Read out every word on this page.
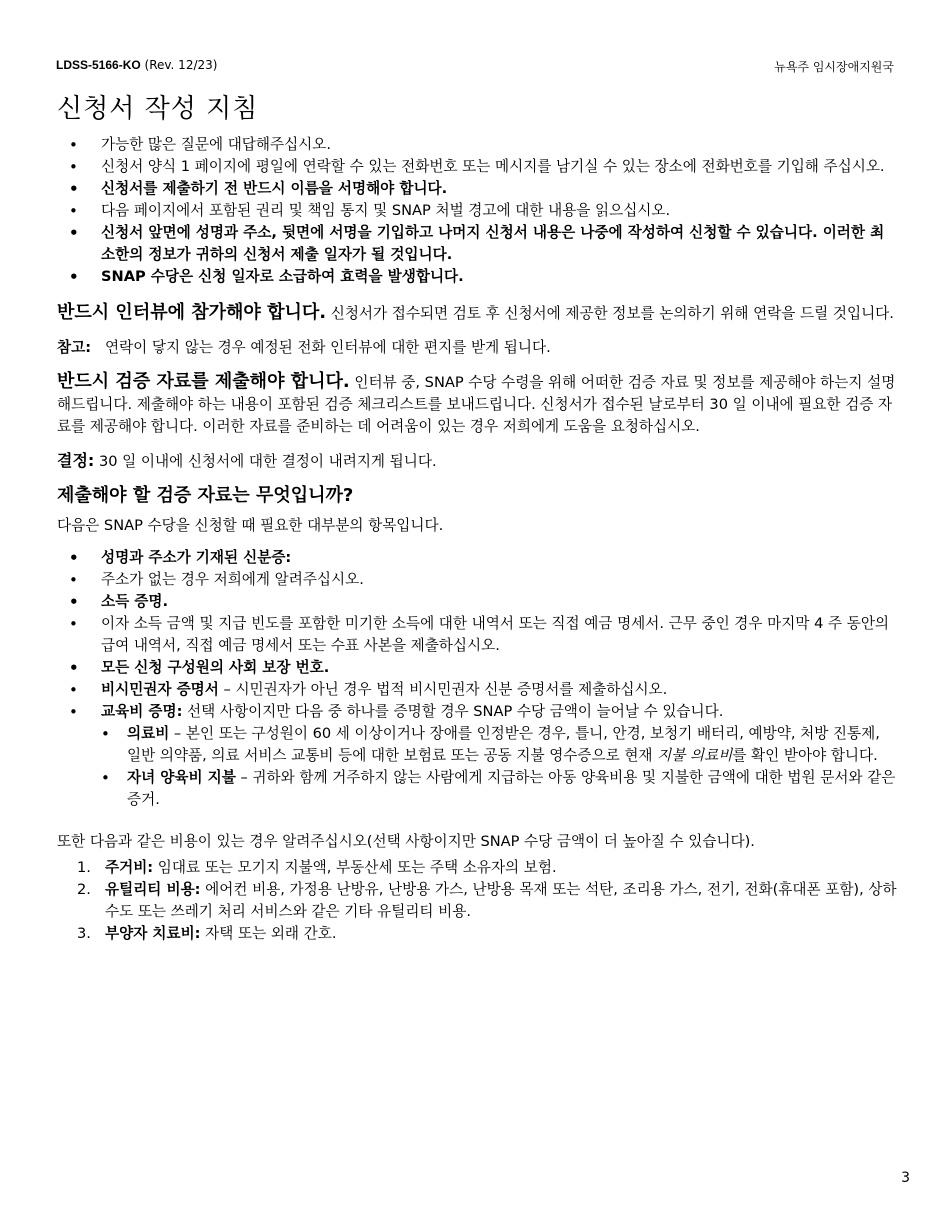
LDSS-5166-KO (Rev. 12/23)	뉴욕주 임시장애지원국
신청서 작성 지침
• 가능한 많은 질문에 대답해주십시오.
• 신청서 양식 1 페이지에 평일에 연락할 수 있는 전화번호 또는 메시지를 남기실 수 있는 장소에 전화번호를 기입해 주십시오.
• 신청서를 제출하기 전 반드시 이름을 서명해야 합니다.
• 다음 페이지에서 포함된 권리 및 책임 통지 및 SNAP 처벌 경고에 대한 내용을 읽으십시오.
• 신청서 앞면에 성명과 주소, 뒷면에 서명을 기입하고 나머지 신청서 내용은 나중에 작성하여 신청할 수 있습니다. 이러한 최소한의 정보가 귀하의 신청서 제출 일자가 될 것입니다.
• SNAP 수당은 신청 일자로 소급하여 효력을 발생합니다.

반드시 인터뷰에 참가해야 합니다. 신청서가 접수되면 검토 후 신청서에 제공한 정보를 논의하기 위해 연락을 드릴 것입니다.

참고: 연락이 닿지 않는 경우 예정된 전화 인터뷰에 대한 편지를 받게 됩니다.

반드시 검증 자료를 제출해야 합니다. 인터뷰 중, SNAP 수당 수령을 위해 어떠한 검증 자료 및 정보를 제공해야 하는지 설명해드립니다. 제출해야 하는 내용이 포함된 검증 체크리스트를 보내드립니다. 신청서가 접수된 날로부터 30 일 이내에 필요한 검증 자료를 제공해야 합니다. 이러한 자료를 준비하는 데 어려움이 있는 경우 저희에게 도움을 요청하십시오.

결정: 30 일 이내에 신청서에 대한 결정이 내려지게 됩니다.

제출해야 할 검증 자료는 무엇입니까?

다음은 SNAP 수당을 신청할 때 필요한 대부분의 항목입니다.

• 성명과 주소가 기재된 신분증:
• 주소가 없는 경우 저희에게 알려주십시오.
• 소득 증명.
• 이자 소득 금액 및 지급 빈도를 포함한 미기한 소득에 대한 내역서 또는 직접 예금 명세서. 근무 중인 경우 마지막 4 주 동안의 급여 내역서, 직접 예금 명세서 또는 수표 사본을 제출하십시오.
• 모든 신청 구성원의 사회 보장 번호.
• 비시민권자 증명서 – 시민권자가 아닌 경우 법적 비시민권자 신분 증명서를 제출하십시오.
• 교육비 증명: 선택 사항이지만 다음 중 하나를 증명할 경우 SNAP 수당 금액이 늘어날 수 있습니다.
• 의료비 – 본인 또는 구성원이 60 세 이상이거나 장애를 인정받은 경우, 틀니, 안경, 보청기 배터리, 예방약, 처방 진통제, 일반 의약품, 의료 서비스 교통비 등에 대한 보험료 또는 공동 지불 영수증으로 현재 지불 의료비를 확인 받아야 합니다.
• 자녀 양육비 지불 – 귀하와 함께 거주하지 않는 사람에게 지급하는 아동 양육비용 및 지불한 금액에 대한 법원 문서와 같은 증거.

또한 다음과 같은 비용이 있는 경우 알려주십시오(선택 사항이지만 SNAP 수당 금액이 더 높아질 수 있습니다).

1. 주거비: 임대료 또는 모기지 지불액, 부동산세 또는 주택 소유자의 보험.
2. 유틸리티 비용: 에어컨 비용, 가정용 난방유, 난방용 가스, 난방용 목재 또는 석탄, 조리용 가스, 전기, 전화(휴대폰 포함), 상하수도 또는 쓰레기 처리 서비스와 같은 기타 유틸리티 비용.
3. 부양자 치료비: 자택 또는 외래 간호.
3
